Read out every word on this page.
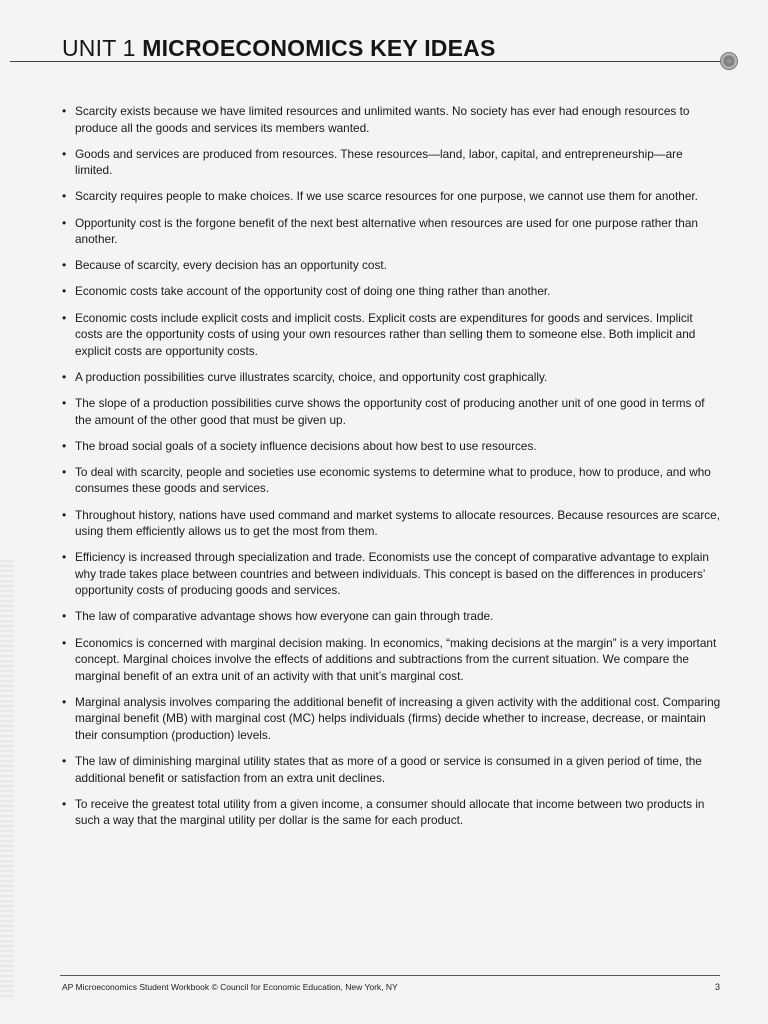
UNIT 1 MICROECONOMICS KEY IDEAS
• Scarcity exists because we have limited resources and unlimited wants. No society has ever had enough resources to produce all the goods and services its members wanted.
• Goods and services are produced from resources. These resources—land, labor, capital, and entrepreneurship—are limited.
• Scarcity requires people to make choices. If we use scarce resources for one purpose, we cannot use them for another.
• Opportunity cost is the forgone benefit of the next best alternative when resources are used for one purpose rather than another.
• Because of scarcity, every decision has an opportunity cost.
• Economic costs take account of the opportunity cost of doing one thing rather than another.
• Economic costs include explicit costs and implicit costs. Explicit costs are expenditures for goods and services. Implicit costs are the opportunity costs of using your own resources rather than selling them to someone else. Both implicit and explicit costs are opportunity costs.
• A production possibilities curve illustrates scarcity, choice, and opportunity cost graphically.
• The slope of a production possibilities curve shows the opportunity cost of producing another unit of one good in terms of the amount of the other good that must be given up.
• The broad social goals of a society influence decisions about how best to use resources.
• To deal with scarcity, people and societies use economic systems to determine what to produce, how to produce, and who consumes these goods and services.
• Throughout history, nations have used command and market systems to allocate resources. Because resources are scarce, using them efficiently allows us to get the most from them.
• Efficiency is increased through specialization and trade. Economists use the concept of comparative advantage to explain why trade takes place between countries and between individuals. This concept is based on the differences in producers’ opportunity costs of producing goods and services.
• The law of comparative advantage shows how everyone can gain through trade.
• Economics is concerned with marginal decision making. In economics, “making decisions at the margin” is a very important concept. Marginal choices involve the effects of additions and subtractions from the current situation. We compare the marginal benefit of an extra unit of an activity with that unit’s marginal cost.
• Marginal analysis involves comparing the additional benefit of increasing a given activity with the additional cost. Comparing marginal benefit (MB) with marginal cost (MC) helps individuals (firms) decide whether to increase, decrease, or maintain their consumption (production) levels.
• The law of diminishing marginal utility states that as more of a good or service is consumed in a given period of time, the additional benefit or satisfaction from an extra unit declines.
• To receive the greatest total utility from a given income, a consumer should allocate that income between two products in such a way that the marginal utility per dollar is the same for each product.
AP Microeconomics Student Workbook © Council for Economic Education, New York, NY	3
